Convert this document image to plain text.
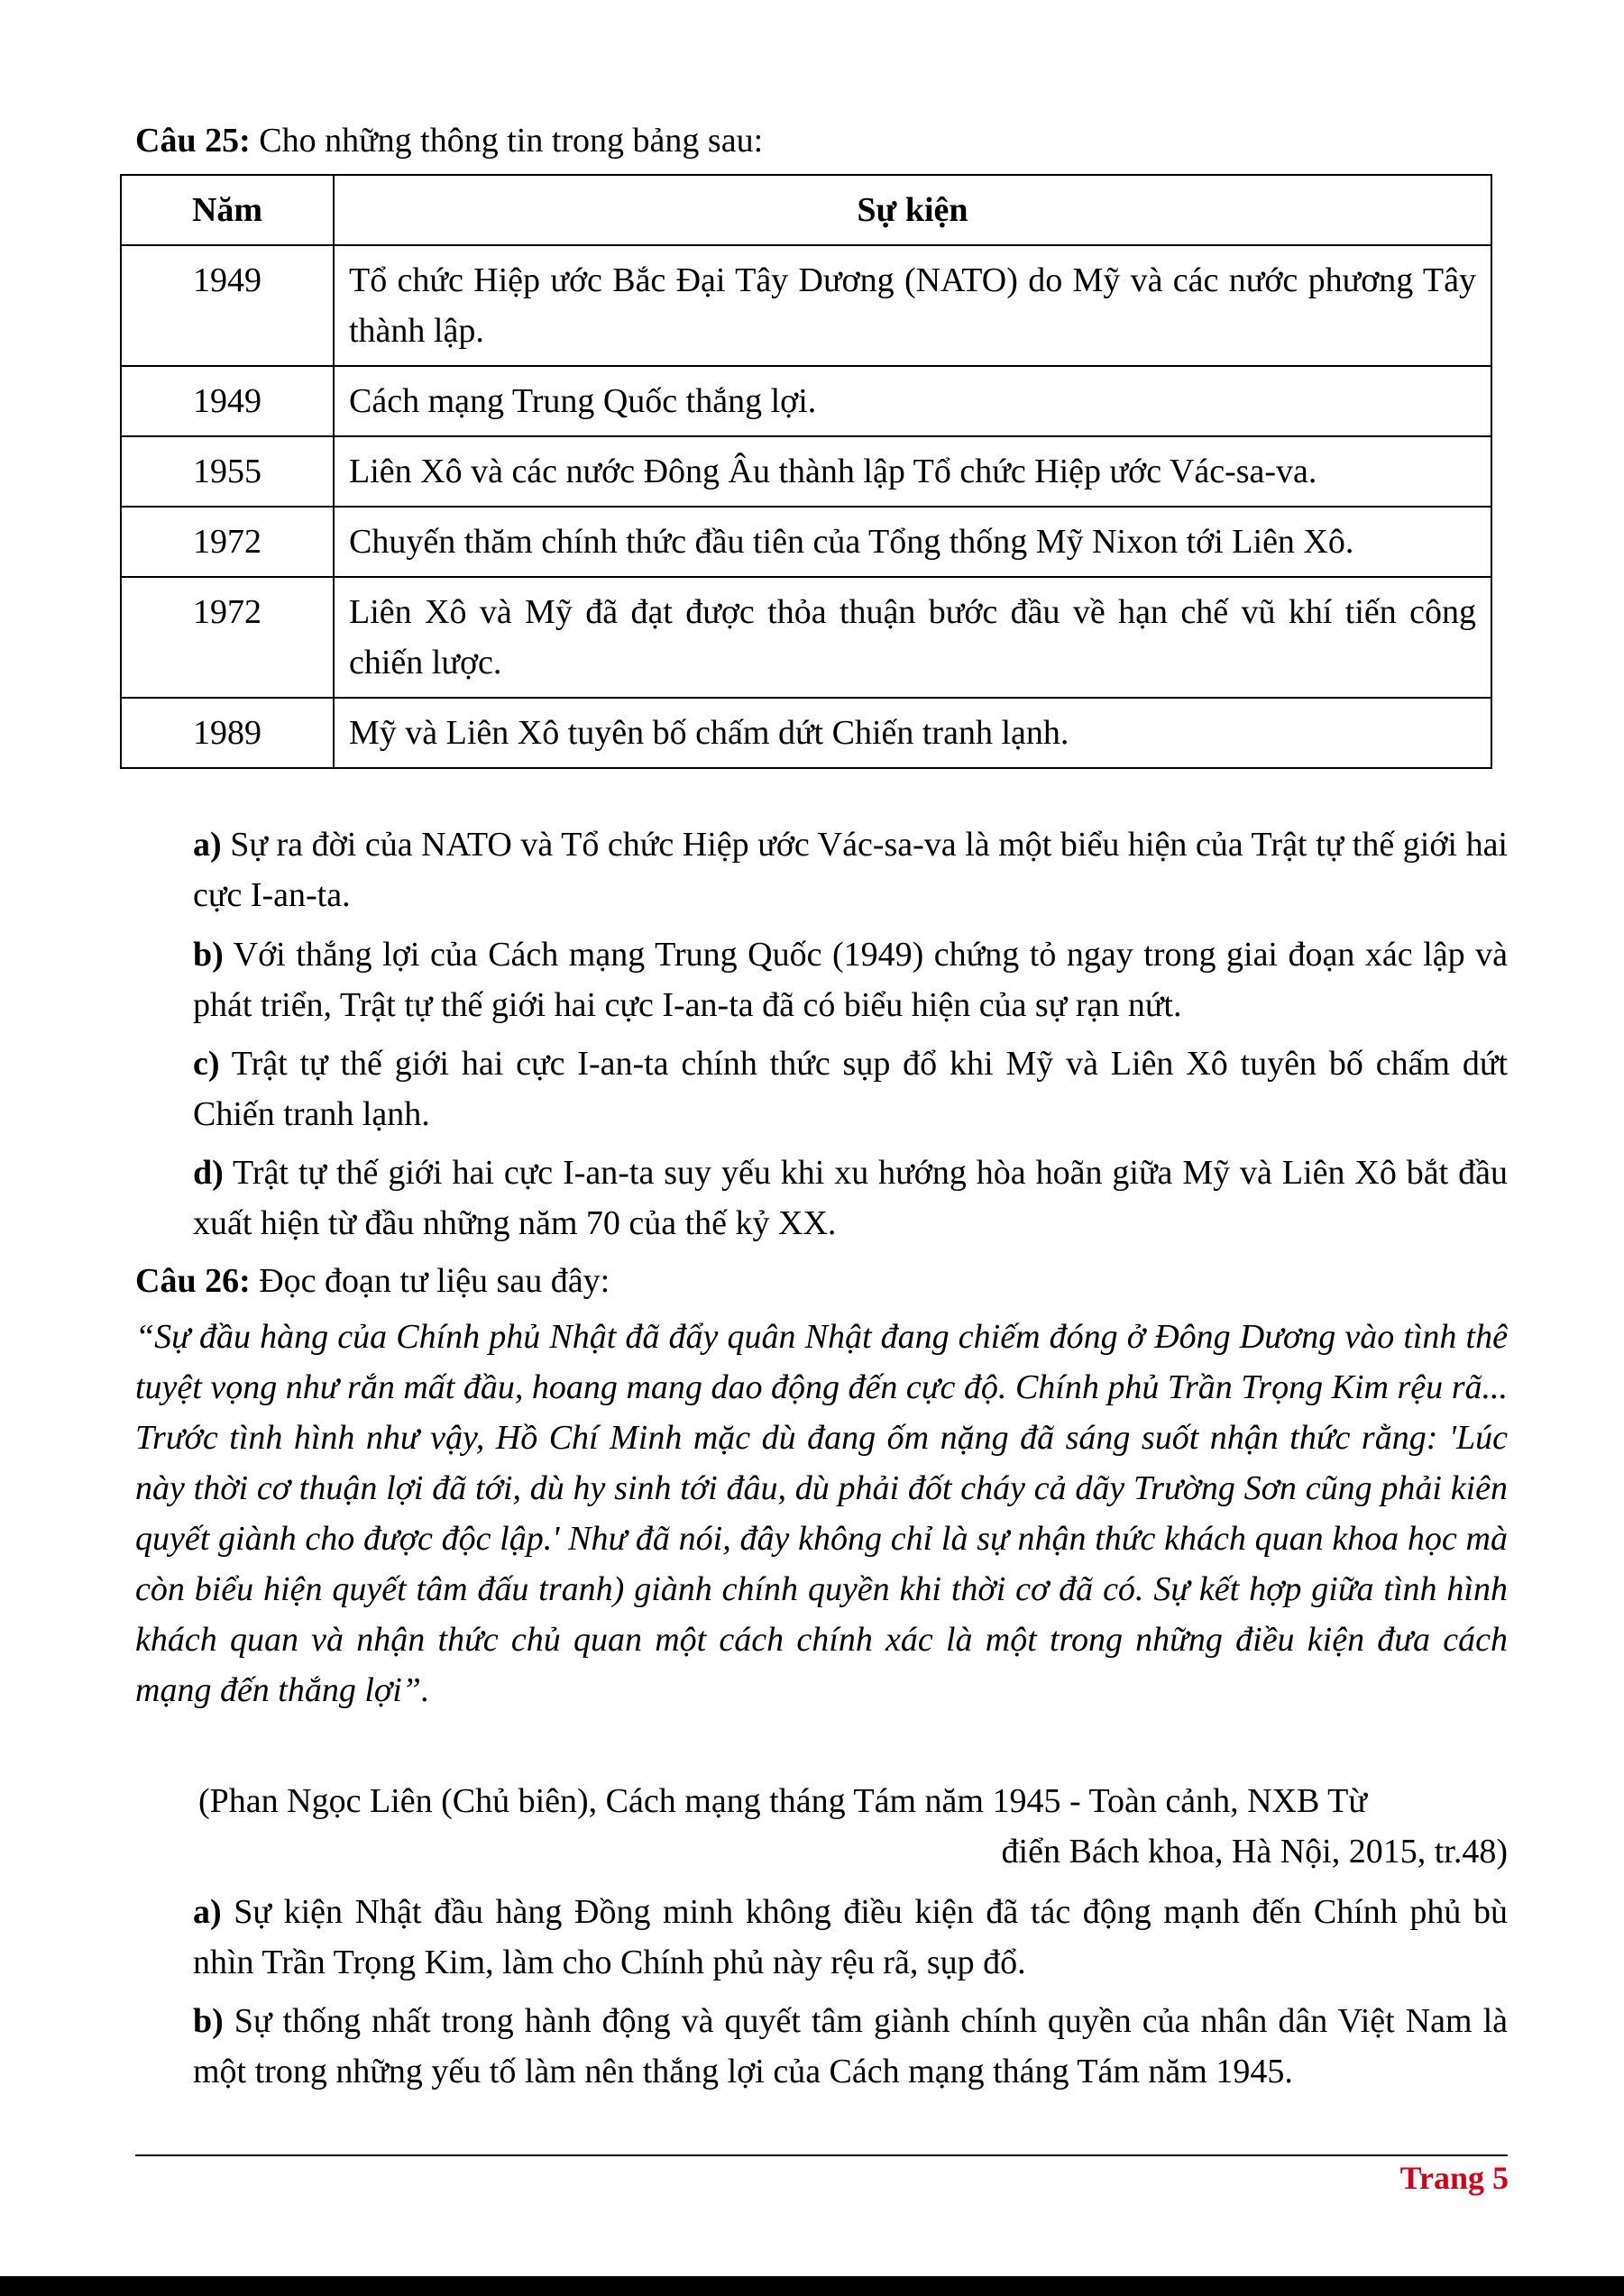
Câu 25: Cho những thông tin trong bảng sau:

Năm	Sự kiện
1949	Tổ chức Hiệp ước Bắc Đại Tây Dương (NATO) do Mỹ và các nước phương Tây thành lập.
1949	Cách mạng Trung Quốc thắng lợi.
1955	Liên Xô và các nước Đông Âu thành lập Tổ chức Hiệp ước Vác-sa-va.
1972	Chuyến thăm chính thức đầu tiên của Tổng thống Mỹ Nixon tới Liên Xô.
1972	Liên Xô và Mỹ đã đạt được thỏa thuận bước đầu về hạn chế vũ khí tiến công chiến lược.
1989	Mỹ và Liên Xô tuyên bố chấm dứt Chiến tranh lạnh.

a) Sự ra đời của NATO và Tổ chức Hiệp ước Vác-sa-va là một biểu hiện của Trật tự thế giới hai cực I-an-ta.

b) Với thắng lợi của Cách mạng Trung Quốc (1949) chứng tỏ ngay trong giai đoạn xác lập và phát triển, Trật tự thế giới hai cực I-an-ta đã có biểu hiện của sự rạn nứt.

c) Trật tự thế giới hai cực I-an-ta chính thức sụp đổ khi Mỹ và Liên Xô tuyên bố chấm dứt Chiến tranh lạnh.

d) Trật tự thế giới hai cực I-an-ta suy yếu khi xu hướng hòa hoãn giữa Mỹ và Liên Xô bắt đầu xuất hiện từ đầu những năm 70 của thế kỷ XX.

Câu 26: Đọc đoạn tư liệu sau đây:

“Sự đầu hàng của Chính phủ Nhật đã đẩy quân Nhật đang chiếm đóng ở Đông Dương vào tình thê tuyệt vọng như rắn mất đầu, hoang mang dao động đến cực độ. Chính phủ Trần Trọng Kim rệu rã... Trước tình hình như vậy, Hồ Chí Minh mặc dù đang ốm nặng đã sáng suốt nhận thức rằng: 'Lúc này thời cơ thuận lợi đã tới, dù hy sinh tới đâu, dù phải đốt cháy cả dãy Trường Sơn cũng phải kiên quyết giành cho được độc lập.' Như đã nói, đây không chỉ là sự nhận thức khách quan khoa học mà còn biểu hiện quyết tâm đấu tranh) giành chính quyền khi thời cơ đã có. Sự kết hợp giữa tình hình khách quan và nhận thức chủ quan một cách chính xác là một trong những điều kiện đưa cách mạng đến thắng lợi”.

(Phan Ngọc Liên (Chủ biên), Cách mạng tháng Tám năm 1945 - Toàn cảnh, NXB Từ
điển Bách khoa, Hà Nội, 2015, tr.48)

a) Sự kiện Nhật đầu hàng Đồng minh không điều kiện đã tác động mạnh đến Chính phủ bù nhìn Trần Trọng Kim, làm cho Chính phủ này rệu rã, sụp đổ.

b) Sự thống nhất trong hành động và quyết tâm giành chính quyền của nhân dân Việt Nam là một trong những yếu tố làm nên thắng lợi của Cách mạng tháng Tám năm 1945.

Trang 5
